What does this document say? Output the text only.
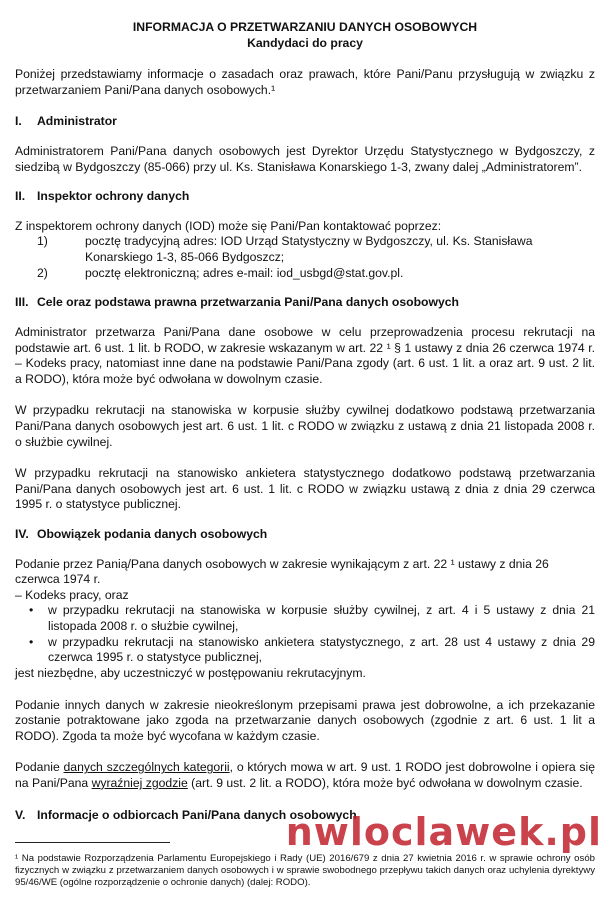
INFORMACJA O PRZETWARZANIU DANYCH OSOBOWYCH

Kandydaci do pracy

Poniżej przedstawiamy informacje o zasadach oraz prawach, które Pani/Panu przysługują w związku z przetwarzaniem Pani/Pana danych osobowych.¹

I. Administrator

Administratorem Pani/Pana danych osobowych jest Dyrektor Urzędu Statystycznego w Bydgoszczy, z siedzibą w Bydgoszczy (85-066) przy ul. Ks. Stanisława Konarskiego 1-3, zwany dalej „Administratorem”.

II. Inspektor ochrony danych

Z inspektorem ochrony danych (IOD) może się Pani/Pan kontaktować poprzez:

1)	pocztę tradycyjną adres: IOD Urząd Statystyczny w Bydgoszczy, ul. Ks. Stanisława Konarskiego 1-3, 85-066 Bydgoszcz;
2)	pocztę elektroniczną; adres e-mail: iod_usbgd@stat.gov.pl.
III. Cele oraz podstawa prawna przetwarzania Pani/Pana danych osobowych

Administrator przetwarza Pani/Pana dane osobowe w celu przeprowadzenia procesu rekrutacji na podstawie art. 6 ust. 1 lit. b RODO, w zakresie wskazanym w art. 22 ¹ § 1 ustawy z dnia 26 czerwca 1974 r. – Kodeks pracy, natomiast inne dane na podstawie Pani/Pana zgody (art. 6 ust. 1 lit. a oraz art. 9 ust. 2 lit. a RODO), która może być odwołana w dowolnym czasie.

W przypadku rekrutacji na stanowiska w korpusie służby cywilnej dodatkowo podstawą przetwarzania Pani/Pana danych osobowych jest art. 6 ust. 1 lit. c RODO w związku z ustawą z dnia 21 listopada 2008 r. o służbie cywilnej.

W przypadku rekrutacji na stanowisko ankietera statystycznego dodatkowo podstawą przetwarzania Pani/Pana danych osobowych jest art. 6 ust. 1 lit. c RODO w związku ustawą z dnia z dnia 29 czerwca 1995 r. o statystyce publicznej.

IV. Obowiązek podania danych osobowych

Podanie przez Panią/Pana danych osobowych w zakresie wynikającym z art. 22 ¹ ustawy z dnia 26 czerwca 1974 r.

– Kodeks pracy, oraz

• w przypadku rekrutacji na stanowiska w korpusie służby cywilnej, z art. 4 i 5 ustawy z dnia 21 listopada 2008 r. o służbie cywilnej,
• w przypadku rekrutacji na stanowisko ankietera statystycznego, z art. 28 ust 4 ustawy z dnia 29 czerwca 1995 r. o statystyce publicznej,

jest niezbędne, aby uczestniczyć w postępowaniu rekrutacyjnym.

Podanie innych danych w zakresie nieokreślonym przepisami prawa jest dobrowolne, a ich przekazanie zostanie potraktowane jako zgoda na przetwarzanie danych osobowych (zgodnie z art. 6 ust. 1 lit a RODO). Zgoda ta może być wycofana w każdym czasie.

Podanie danych szczególnych kategorii, o których mowa w art. 9 ust. 1 RODO jest dobrowolne i opiera się na Pani/Pana wyraźniej zgodzie (art. 9 ust. 2 lit. a RODO), która może być odwołana w dowolnym czasie.

V. Informacje o odbiorcach Pani/Pana danych osobowych

¹ Na podstawie Rozporządzenia Parlamentu Europejskiego i Rady (UE) 2016/679 z dnia 27 kwietnia 2016 r. w sprawie ochrony osób fizycznych w związku z przetwarzaniem danych osobowych i w sprawie swobodnego przepływu takich danych oraz uchylenia dyrektywy 95/46/WE (ogólne rozporządzenie o ochronie danych) (dalej: RODO).

nwloclawek.pl
